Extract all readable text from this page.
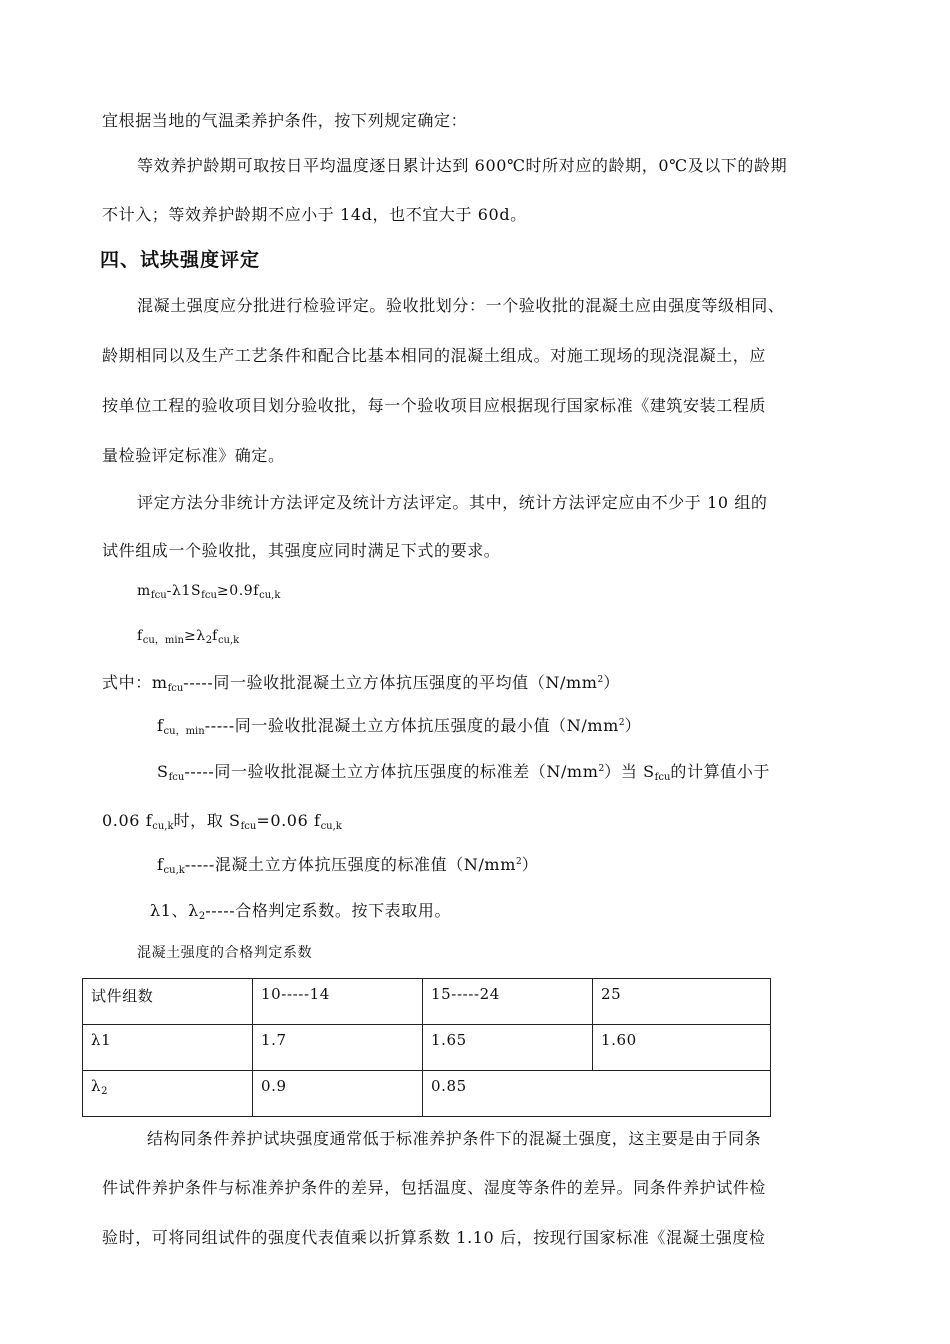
宜根据当地的气温柔养护条件，按下列规定确定：
等效养护龄期可取按日平均温度逐日累计达到 600℃时所对应的龄期，0℃及以下的龄期
不计入；等效养护龄期不应小于 14d，也不宜大于 60d。
四、试块强度评定
混凝土强度应分批进行检验评定。验收批划分：一个验收批的混凝土应由强度等级相同、
龄期相同以及生产工艺条件和配合比基本相同的混凝土组成。对施工现场的现浇混凝土，应
按单位工程的验收项目划分验收批，每一个验收项目应根据现行国家标准《建筑安装工程质
量检验评定标准》确定。
评定方法分非统计方法评定及统计方法评定。其中，统计方法评定应由不少于 10 组的
试件组成一个验收批，其强度应同时满足下式的要求。
$m_{fcu}-\lambda 1S_{fcu}\ge 0.9f_{cu,k}$
$f_{cu,min}\ge\lambda_2f_{cu,k}$
式中：$m_{fcu}-----$同一验收批混凝土立方体抗压强度的平均值$(N/mm^2)$
$f_{cu,min}-----$同一验收批混凝土立方体抗压强度的最小值$(N/mm^2)$
$S_{fcu}-----$同一验收批混凝土立方体抗压强度的标准差$(N/mm^2)$当 $S_{fcu}$的计算值小于
0.06 $f_{cu,k}$时，取 $S_{fcu}=0.06$ $f_{cu,k}$
$f_{cu,k}-----$混凝土立方体抗压强度的标准值$(N/mm^2)$
λ1、$\lambda_2-----$合格判定系数。按下表取用。
混凝土强度的合格判定系数
试件组数	10-----14	15-----24	25
λ1	1.7	1.65	1.60
$\lambda_2$	0.9	0.85	
结构同条件养护试块强度通常低于标准养护条件下的混凝土强度，这主要是由于同条
件试件养护条件与标准养护条件的差异，包括温度、湿度等条件的差异。同条件养护试件检
验时，可将同组试件的强度代表值乘以折算系数 1.10 后，按现行国家标准《混凝土强度检
